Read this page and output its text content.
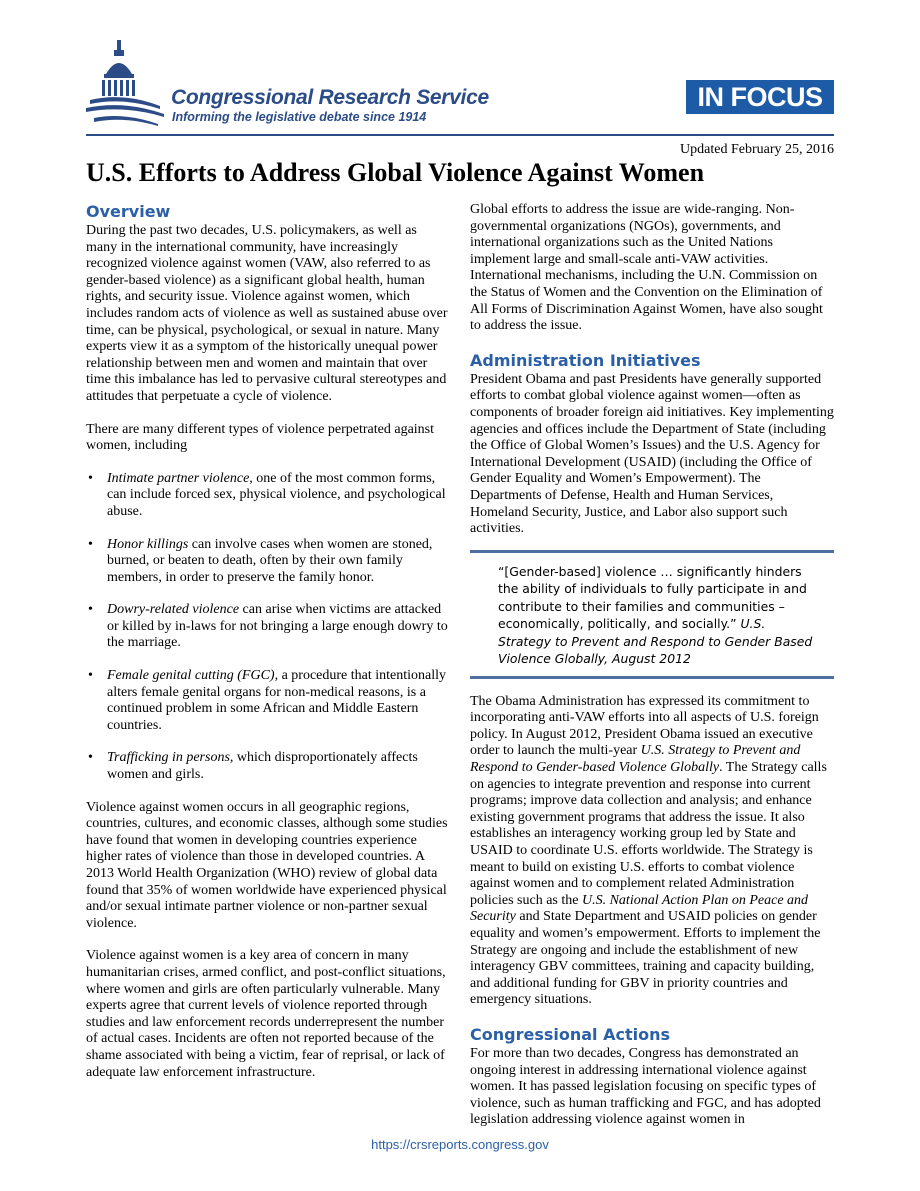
Congressional Research Service
Informing the legislative debate since 1914
IN FOCUS
Updated February 25, 2016
U.S. Efforts to Address Global Violence Against Women
Overview

During the past two decades, U.S. policymakers, as well as many in the international community, have increasingly recognized violence against women (VAW, also referred to as gender-based violence) as a significant global health, human rights, and security issue. Violence against women, which includes random acts of violence as well as sustained abuse over time, can be physical, psychological, or sexual in nature. Many experts view it as a symptom of the historically unequal power relationship between men and women and maintain that over time this imbalance has led to pervasive cultural stereotypes and attitudes that perpetuate a cycle of violence.

There are many different types of violence perpetrated against women, including

• Intimate partner violence, one of the most common forms, can include forced sex, physical violence, and psychological abuse.
• Honor killings can involve cases when women are stoned, burned, or beaten to death, often by their own family members, in order to preserve the family honor.
• Dowry-related violence can arise when victims are attacked or killed by in-laws for not bringing a large enough dowry to the marriage.
• Female genital cutting (FGC), a procedure that intentionally alters female genital organs for non-medical reasons, is a continued problem in some African and Middle Eastern countries.
• Trafficking in persons, which disproportionately affects women and girls.

Violence against women occurs in all geographic regions, countries, cultures, and economic classes, although some studies have found that women in developing countries experience higher rates of violence than those in developed countries. A 2013 World Health Organization (WHO) review of global data found that 35% of women worldwide have experienced physical and/or sexual intimate partner violence or non-partner sexual violence.

Violence against women is a key area of concern in many humanitarian crises, armed conflict, and post-conflict situations, where women and girls are often particularly vulnerable. Many experts agree that current levels of violence reported through studies and law enforcement records underrepresent the number of actual cases. Incidents are often not reported because of the shame associated with being a victim, fear of reprisal, or lack of adequate law enforcement infrastructure.

Global efforts to address the issue are wide-ranging. Non-governmental organizations (NGOs), governments, and international organizations such as the United Nations implement large and small-scale anti-VAW activities. International mechanisms, including the U.N. Commission on the Status of Women and the Convention on the Elimination of All Forms of Discrimination Against Women, have also sought to address the issue.

Administration Initiatives

President Obama and past Presidents have generally supported efforts to combat global violence against women—often as components of broader foreign aid initiatives. Key implementing agencies and offices include the Department of State (including the Office of Global Women’s Issues) and the U.S. Agency for International Development (USAID) (including the Office of Gender Equality and Women’s Empowerment). The Departments of Defense, Health and Human Services, Homeland Security, Justice, and Labor also support such activities.

“[Gender-based] violence … significantly hinders the ability of individuals to fully participate in and contribute to their families and communities – economically, politically, and socially.” U.S. Strategy to Prevent and Respond to Gender Based Violence Globally, August 2012

The Obama Administration has expressed its commitment to incorporating anti-VAW efforts into all aspects of U.S. foreign policy. In August 2012, President Obama issued an executive order to launch the multi-year U.S. Strategy to Prevent and Respond to Gender-based Violence Globally. The Strategy calls on agencies to integrate prevention and response into current programs; improve data collection and analysis; and enhance existing government programs that address the issue. It also establishes an interagency working group led by State and USAID to coordinate U.S. efforts worldwide. The Strategy is meant to build on existing U.S. efforts to combat violence against women and to complement related Administration policies such as the U.S. National Action Plan on Peace and Security and State Department and USAID policies on gender equality and women’s empowerment. Efforts to implement the Strategy are ongoing and include the establishment of new interagency GBV committees, training and capacity building, and additional funding for GBV in priority countries and emergency situations.

Congressional Actions

For more than two decades, Congress has demonstrated an ongoing interest in addressing international violence against women. It has passed legislation focusing on specific types of violence, such as human trafficking and FGC, and has adopted legislation addressing violence against women in

https://crsreports.congress.gov
